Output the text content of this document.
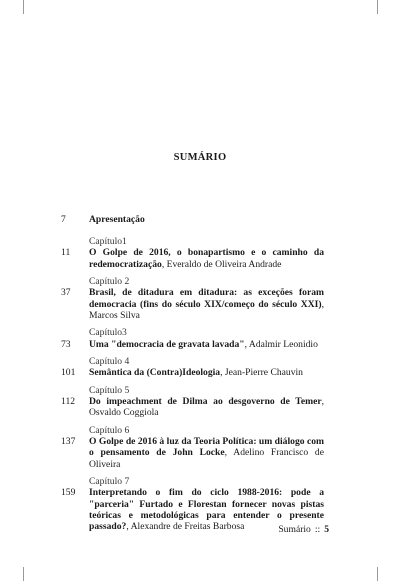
SUMÁRIO
7	Apresentação
Capítulo1
11	O Golpe de 2016, o bonapartismo e o caminho da redemocratização, Everaldo de Oliveira Andrade
Capítulo 2
37	Brasil, de ditadura em ditadura: as exceções foram democracia (fins do século XIX/começo do século XXI), Marcos Silva
Capítulo3
73	Uma "democracia de gravata lavada", Adalmir Leonidio
Capítulo 4
101	Semântica da (Contra)Ideologia, Jean-Pierre Chauvin
Capítulo 5
112	Do impeachment de Dilma ao desgoverno de Temer, Osvaldo Coggiola
Capítulo 6
137	O Golpe de 2016 à luz da Teoria Política: um diálogo com o pensamento de John Locke, Adelino Francisco de Oliveira
Capítulo 7
159	Interpretando o fim do ciclo 1988-2016: pode a "parceria" Furtado e Florestan fornecer novas pistas teóricas e metodológicas para entender o presente passado?, Alexandre de Freitas Barbosa	Sumário :: 5
